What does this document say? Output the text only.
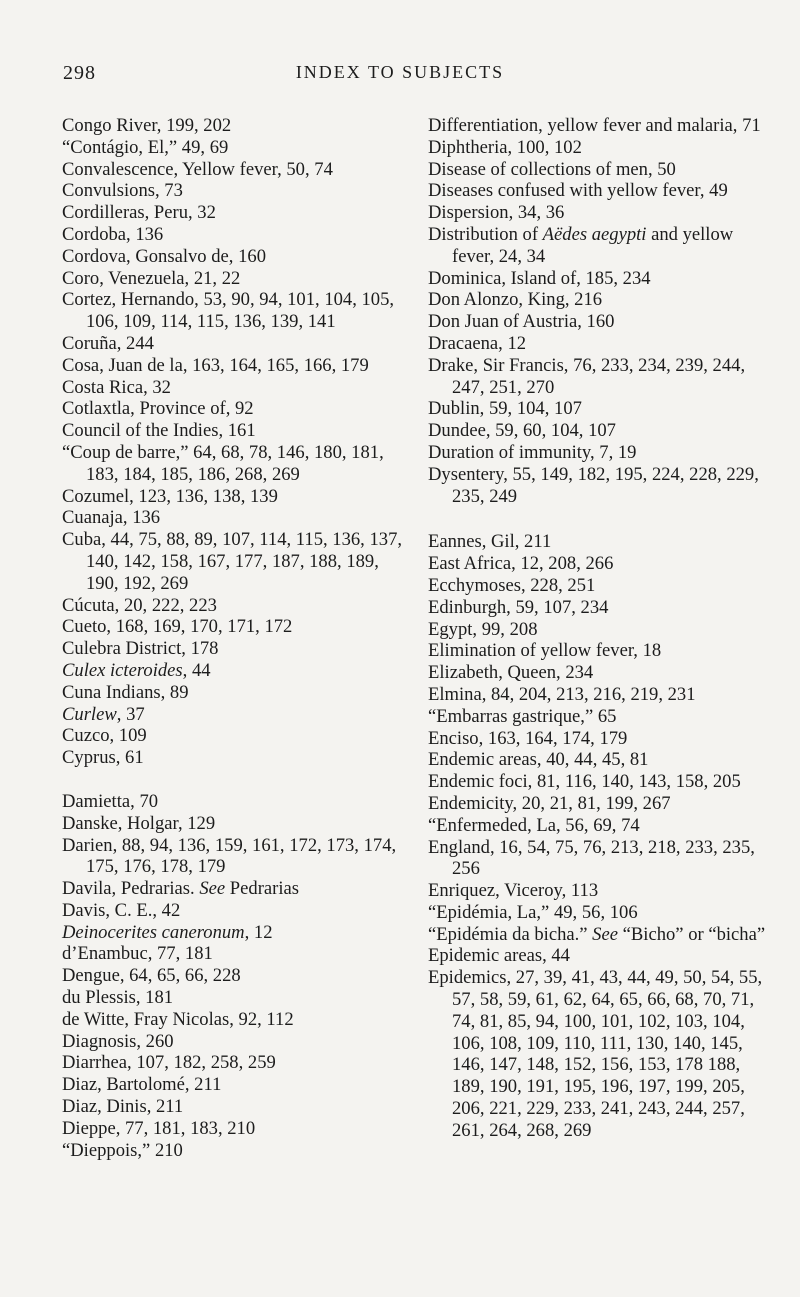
298	INDEX TO SUBJECTS
Congo River, 199, 202
“Contágio, El,” 49, 69
Convalescence, Yellow fever, 50, 74
Convulsions, 73
Cordilleras, Peru, 32
Cordoba, 136
Cordova, Gonsalvo de, 160
Coro, Venezuela, 21, 22
Cortez, Hernando, 53, 90, 94, 101, 104, 105, 106, 109, 114, 115, 136, 139, 141
Coruña, 244
Cosa, Juan de la, 163, 164, 165, 166, 179
Costa Rica, 32
Cotlaxtla, Province of, 92
Council of the Indies, 161
“Coup de barre,” 64, 68, 78, 146, 180, 181, 183, 184, 185, 186, 268, 269
Cozumel, 123, 136, 138, 139
Cuanaja, 136
Cuba, 44, 75, 88, 89, 107, 114, 115, 136, 137, 140, 142, 158, 167, 177, 187, 188, 189, 190, 192, 269
Cúcuta, 20, 222, 223
Cueto, 168, 169, 170, 171, 172
Culebra District, 178
Culex icteroides, 44
Cuna Indians, 89
Curlew, 37
Cuzco, 109
Cyprus, 61
Damietta, 70
Danske, Holgar, 129
Darien, 88, 94, 136, 159, 161, 172, 173, 174, 175, 176, 178, 179
Davila, Pedrarias. See Pedrarias
Davis, C. E., 42
Deinocerites caneronum, 12
d’Enambuc, 77, 181
Dengue, 64, 65, 66, 228
du Plessis, 181
de Witte, Fray Nicolas, 92, 112
Diagnosis, 260
Diarrhea, 107, 182, 258, 259
Diaz, Bartolomé, 211
Diaz, Dinis, 211
Dieppe, 77, 181, 183, 210
“Dieppois,” 210
Differentiation, yellow fever and malaria, 71
Diphtheria, 100, 102
Disease of collections of men, 50
Diseases confused with yellow fever, 49
Dispersion, 34, 36
Distribution of Aëdes aegypti and yellow fever, 24, 34
Dominica, Island of, 185, 234
Don Alonzo, King, 216
Don Juan of Austria, 160
Dracaena, 12
Drake, Sir Francis, 76, 233, 234, 239, 244, 247, 251, 270
Dublin, 59, 104, 107
Dundee, 59, 60, 104, 107
Duration of immunity, 7, 19
Dysentery, 55, 149, 182, 195, 224, 228, 229, 235, 249
Eannes, Gil, 211
East Africa, 12, 208, 266
Ecchymoses, 228, 251
Edinburgh, 59, 107, 234
Egypt, 99, 208
Elimination of yellow fever, 18
Elizabeth, Queen, 234
Elmina, 84, 204, 213, 216, 219, 231
“Embarras gastrique,” 65
Enciso, 163, 164, 174, 179
Endemic areas, 40, 44, 45, 81
Endemic foci, 81, 116, 140, 143, 158, 205
Endemicity, 20, 21, 81, 199, 267
“Enfermeded, La, 56, 69, 74
England, 16, 54, 75, 76, 213, 218, 233, 235, 256
Enriquez, Viceroy, 113
“Epidémia, La,” 49, 56, 106
“Epidémia da bicha.” See “Bicho” or “bicha”
Epidemic areas, 44
Epidemics, 27, 39, 41, 43, 44, 49, 50, 54, 55, 57, 58, 59, 61, 62, 64, 65, 66, 68, 70, 71, 74, 81, 85, 94, 100, 101, 102, 103, 104, 106, 108, 109, 110, 111, 130, 140, 145, 146, 147, 148, 152, 156, 153, 178 188, 189, 190, 191, 195, 196, 197, 199, 205, 206, 221, 229, 233, 241, 243, 244, 257, 261, 264, 268, 269
